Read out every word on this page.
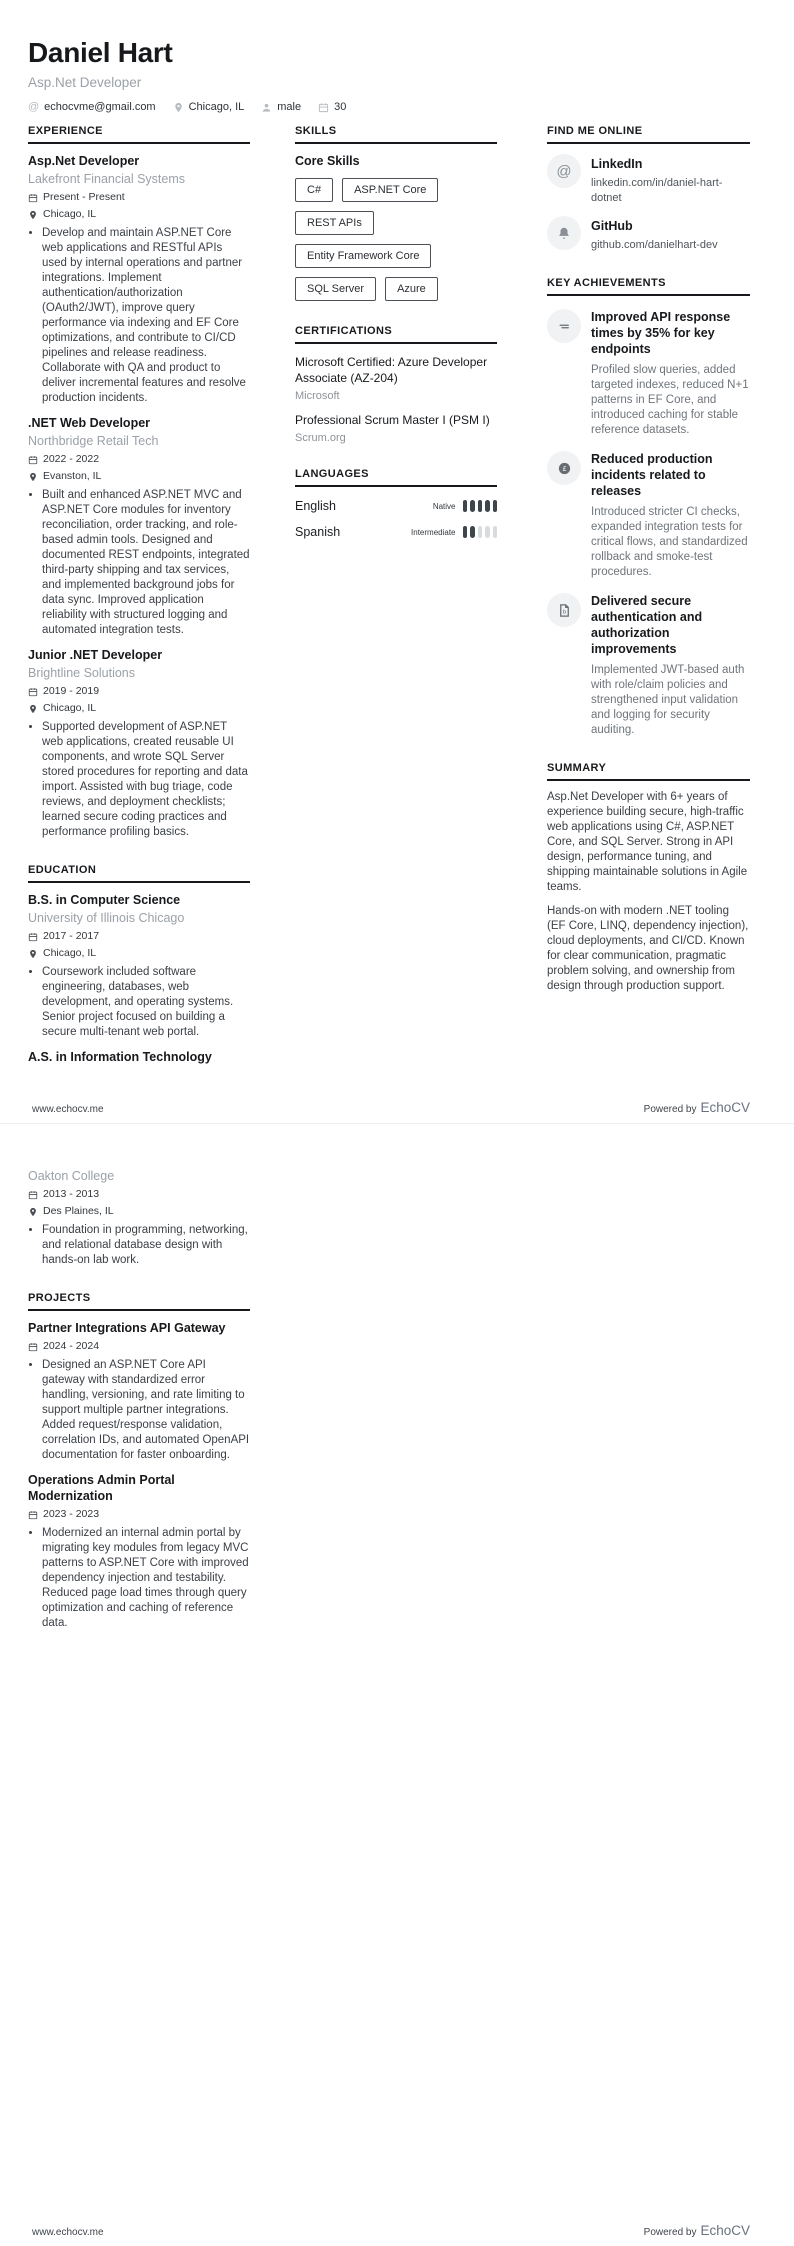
Daniel Hart
Asp.Net Developer
@ echocvme@gmail.com	Chicago, IL	male	30
EXPERIENCE
Asp.Net Developer
Lakefront Financial Systems
Present - Present
Chicago, IL
• Develop and maintain ASP.NET Core web applications and RESTful APIs used by internal operations and partner integrations. Implement authentication/authorization (OAuth2/JWT), improve query performance via indexing and EF Core optimizations, and contribute to CI/CD pipelines and release readiness. Collaborate with QA and product to deliver incremental features and resolve production incidents.
.NET Web Developer
Northbridge Retail Tech
2022 - 2022
Evanston, IL
• Built and enhanced ASP.NET MVC and ASP.NET Core modules for inventory reconciliation, order tracking, and role-based admin tools. Designed and documented REST endpoints, integrated third-party shipping and tax services, and implemented background jobs for data sync. Improved application reliability with structured logging and automated integration tests.
Junior .NET Developer
Brightline Solutions
2019 - 2019
Chicago, IL
• Supported development of ASP.NET web applications, created reusable UI components, and wrote SQL Server stored procedures for reporting and data import. Assisted with bug triage, code reviews, and deployment checklists; learned secure coding practices and performance profiling basics.
EDUCATION
B.S. in Computer Science
University of Illinois Chicago
2017 - 2017
Chicago, IL
• Coursework included software engineering, databases, web development, and operating systems. Senior project focused on building a secure multi-tenant web portal.
A.S. in Information Technology
SKILLS
Core Skills
C#	ASP.NET Core
REST APIs
Entity Framework Core
SQL Server	Azure
CERTIFICATIONS
Microsoft Certified: Azure Developer Associate (AZ-204)
Microsoft
Professional Scrum Master I (PSM I)
Scrum.org
LANGUAGES
English	Native
Spanish	Intermediate
FIND ME ONLINE
@	LinkedIn
linkedin.com/in/daniel-hart-dotnet
GitHub
github.com/danielhart-dev
KEY ACHIEVEMENTS
Improved API response times by 35% for key endpoints
Profiled slow queries, added targeted indexes, reduced N+1 patterns in EF Core, and introduced caching for stable reference datasets.
£
Reduced production incidents related to releases
Introduced stricter CI checks, expanded integration tests for critical flows, and standardized rollback and smoke-test procedures.
b
Delivered secure authentication and authorization improvements
Implemented JWT-based auth with role/claim policies and strengthened input validation and logging for security auditing.
SUMMARY

Asp.Net Developer with 6+ years of experience building secure, high-traffic web applications using C#, ASP.NET Core, and SQL Server. Strong in API design, performance tuning, and shipping maintainable solutions in Agile teams.

Hands-on with modern .NET tooling (EF Core, LINQ, dependency injection), cloud deployments, and CI/CD. Known for clear communication, pragmatic problem solving, and ownership from design through production support.

www.echocv.me	Powered by EchoCV
Oakton College
2013 - 2013
Des Plaines, IL
• Foundation in programming, networking, and relational database design with hands-on lab work.
PROJECTS
Partner Integrations API Gateway
2024 - 2024
• Designed an ASP.NET Core API gateway with standardized error handling, versioning, and rate limiting to support multiple partner integrations. Added request/response validation, correlation IDs, and automated OpenAPI documentation for faster onboarding.
Operations Admin Portal Modernization
2023 - 2023
• Modernized an internal admin portal by migrating key modules from legacy MVC patterns to ASP.NET Core with improved dependency injection and testability. Reduced page load times through query optimization and caching of reference data.
www.echocv.me	Powered by EchoCV
